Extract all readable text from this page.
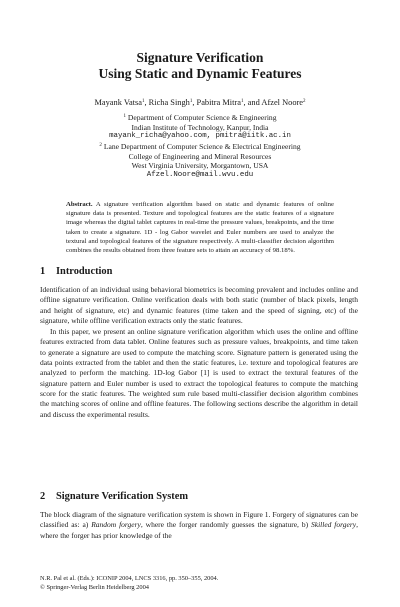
Signature Verification
Using Static and Dynamic Features
Mayank Vatsa$^1$, Richa Singh$^1$, Pabitra Mitra$^1$, and Afzel Noore$^2$
$^1$ Department of Computer Science & Engineering
Indian Institute of Technology, Kanpur, India
mayank_richa@yahoo.com, pmitra@iitk.ac.in
$^2$ Lane Department of Computer Science & Electrical Engineering
College of Engineering and Mineral Resources
West Virginia University, Morgantown, USA
Afzel.Noore@mail.wvu.edu
Abstract. A signature verification algorithm based on static and dynamic features of online signature data is presented. Texture and topological features are the static features of a signature image whereas the digital tablet captures in real-time the pressure values, breakpoints, and the time taken to create a signature. 1D - log Gabor wavelet and Euler numbers are used to analyze the textural and topological features of the signature respectively. A multi-classifier decision algorithm combines the results obtained from three feature sets to attain an accuracy of 98.18%.
1 Introduction
Identification of an individual using behavioral biometrics is becoming prevalent and includes online and offline signature verification. Online verification deals with both static (number of black pixels, length and height of signature, etc) and dynamic features (time taken and the speed of signing, etc) of the signature, while offline verification extracts only the static features.
In this paper, we present an online signature verification algorithm which uses the online and offline features extracted from data tablet. Online features such as pressure values, breakpoints, and time taken to generate a signature are used to compute the matching score. Signature pattern is generated using the data points extracted from the tablet and then the static features, i.e. texture and topological features are analyzed to perform the matching. 1D-log Gabor [1] is used to extract the textural features of the signature pattern and Euler number is used to extract the topological features to compute the matching score for the static features. The weighted sum rule based multi-classifier decision algorithm combines the matching scores of online and offline features. The following sections describe the algorithm in detail and discuss the experimental results.
2 Signature Verification System
The block diagram of the signature verification system is shown in Figure 1. Forgery of signatures can be classified as: a) Random forgery, where the forger randomly guesses the signature, b) Skilled forgery, where the forger has prior knowledge of the
N.R. Pal et al. (Eds.): ICONIP 2004, LNCS 3316, pp. 350–355, 2004.
© Springer-Verlag Berlin Heidelberg 2004
